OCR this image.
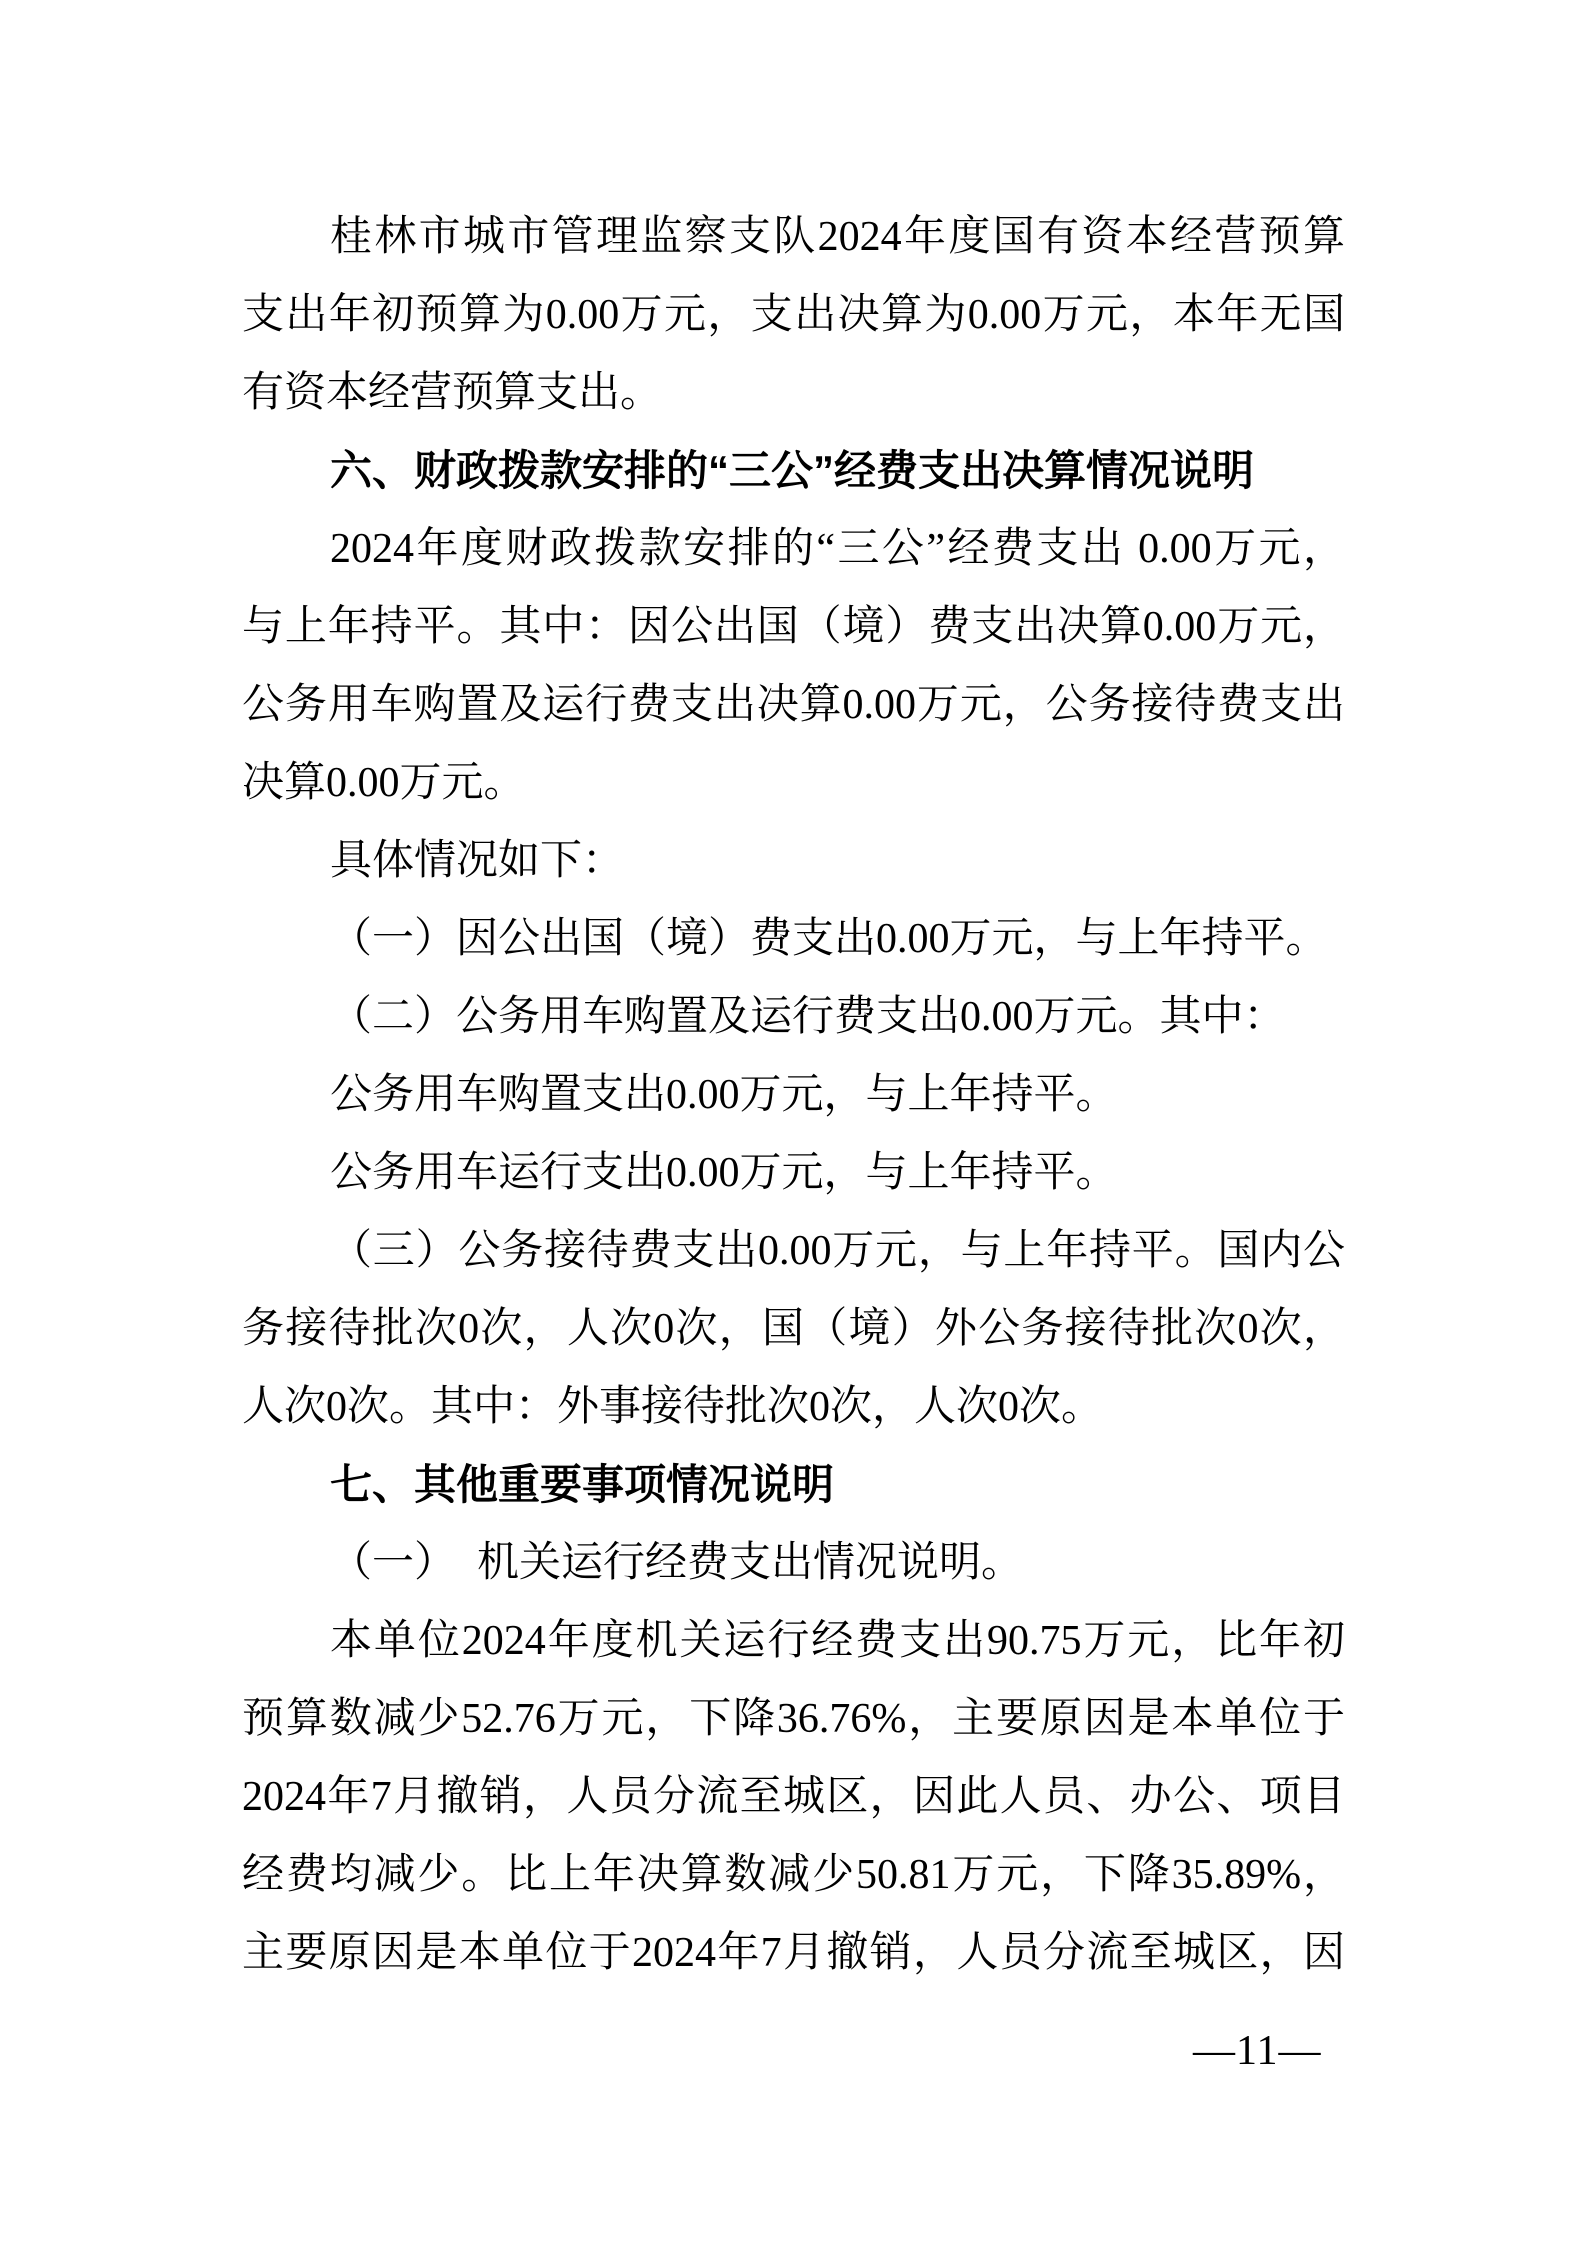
桂林市城市管理监察支队2024年度国有资本经营预算
支出年初预算为0.00万元，支出决算为0.00万元，本年无国
有资本经营预算支出。
六、财政拨款安排的“三公”经费支出决算情况说明
2024年度财政拨款安排的“三公”经费支出 0.00万元，
与上年持平。其中：因公出国（境）费支出决算0.00万元，
公务用车购置及运行费支出决算0.00万元，公务接待费支出
决算0.00万元。
具体情况如下：
（一）因公出国（境）费支出0.00万元，与上年持平。
（二）公务用车购置及运行费支出0.00万元。其中：
公务用车购置支出0.00万元，与上年持平。
公务用车运行支出0.00万元，与上年持平。
（三）公务接待费支出0.00万元，与上年持平。国内公
务接待批次0次，人次0次，国（境）外公务接待批次0次，
人次0次。其中：外事接待批次0次，人次0次。
七、其他重要事项情况说明
（一）　机关运行经费支出情况说明。
本单位2024年度机关运行经费支出90.75万元，比年初
预算数减少52.76万元，下降36.76%，主要原因是本单位于
2024年7月撤销，人员分流至城区，因此人员、办公、项目
经费均减少。比上年决算数减少50.81万元，下降35.89%，
主要原因是本单位于2024年7月撤销，人员分流至城区，因
—11—
